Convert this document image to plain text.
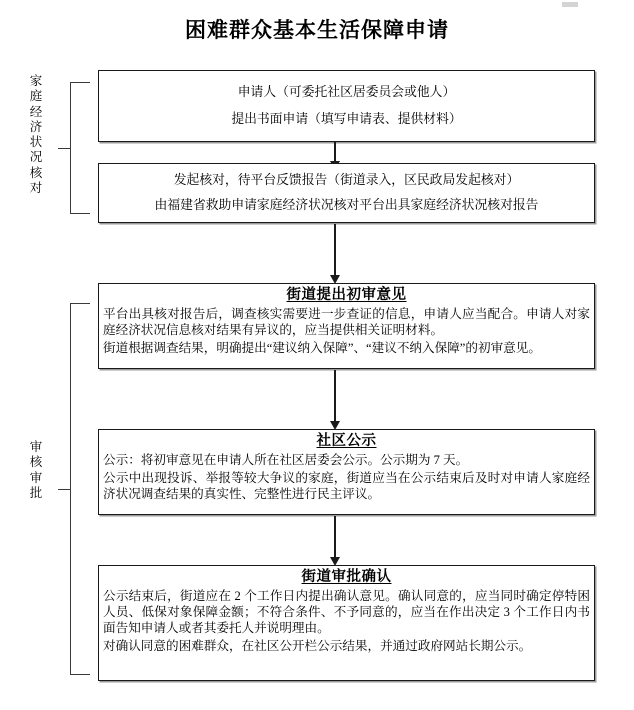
困难群众基本生活保障申请
家庭经济状况核对
审核审批
申请人（可委托社区居委员会或他人）
提出书面申请（填写申请表、提供材料）
发起核对，待平台反馈报告（街道录入，区民政局发起核对）
由福建省救助申请家庭经济状况核对平台出具家庭经济状况核对报告
街道提出初审意见

平台出具核对报告后，调查核实需要进一步查证的信息，申请人应当配合。申请人对家庭经济状况信息核对结果有异议的，应当提供相关证明材料。

街道根据调查结果，明确提出“建议纳入保障”、“建议不纳入保障”的初审意见。

社区公示

公示：将初审意见在申请人所在社区居委会公示。公示期为 7 天。

公示中出现投诉、举报等较大争议的家庭，街道应当在公示结束后及时对申请人家庭经济状况调查结果的真实性、完整性进行民主评议。

街道审批确认

公示结束后，街道应在 2 个工作日内提出确认意见。确认同意的，应当同时确定停特困人员、低保对象保障金额；不符合条件、不予同意的，应当在作出决定 3 个工作日内书面告知申请人或者其委托人并说明理由。

对确认同意的困难群众，在社区公开栏公示结果，并通过政府网站长期公示。
